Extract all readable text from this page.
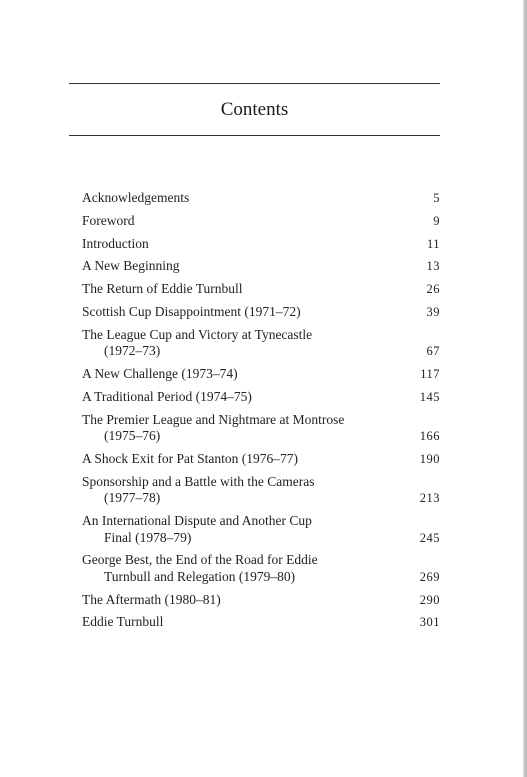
Contents
Acknowledgements	5
Foreword	9
Introduction	11
A New Beginning	13
The Return of Eddie Turnbull	26
Scottish Cup Disappointment (1971–72)	39
The League Cup and Victory at Tynecastle
(1972–73)	67
A New Challenge (1973–74)	117
A Traditional Period (1974–75)	145
The Premier League and Nightmare at Montrose
(1975–76)	166
A Shock Exit for Pat Stanton (1976–77)	190
Sponsorship and a Battle with the Cameras
(1977–78)	213
An International Dispute and Another Cup
Final (1978–79)	245
George Best, the End of the Road for Eddie
Turnbull and Relegation (1979–80)	269
The Aftermath (1980–81)	290
Eddie Turnbull	301
